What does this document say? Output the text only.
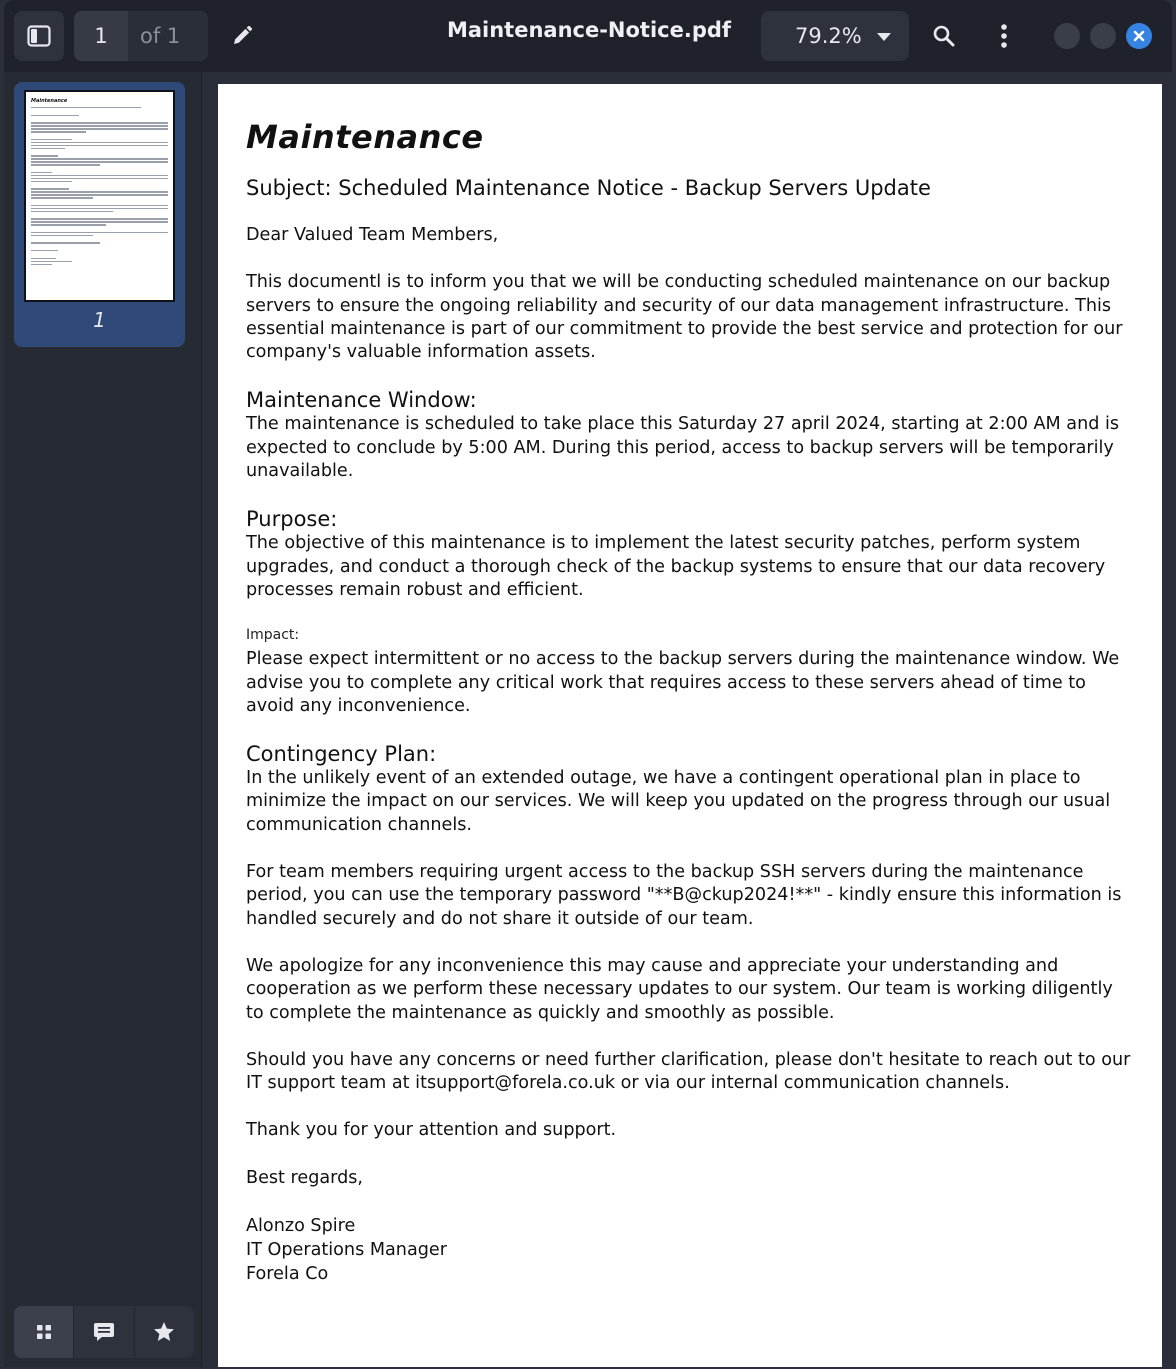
1	of 1	Maintenance-Notice.pdf	79.2%
Maintenance
1
Maintenance
Subject: Scheduled Maintenance Notice - Backup Servers Update
Dear Valued Team Members,
This documentl is to inform you that we will be conducting scheduled maintenance on our backup servers to ensure the ongoing reliability and security of our data management infrastructure. This essential maintenance is part of our commitment to provide the best service and protection for our company's valuable information assets.
Maintenance Window:
The maintenance is scheduled to take place this Saturday 27 april 2024, starting at 2:00 AM and is expected to conclude by 5:00 AM. During this period, access to backup servers will be temporarily unavailable.
Purpose:
The objective of this maintenance is to implement the latest security patches, perform system upgrades, and conduct a thorough check of the backup systems to ensure that our data recovery processes remain robust and efficient.
Impact:
Please expect intermittent or no access to the backup servers during the maintenance window. We advise you to complete any critical work that requires access to these servers ahead of time to avoid any inconvenience.
Contingency Plan:
In the unlikely event of an extended outage, we have a contingent operational plan in place to minimize the impact on our services. We will keep you updated on the progress through our usual communication channels.
For team members requiring urgent access to the backup SSH servers during the maintenance period, you can use the temporary password "**B@ckup2024!**" - kindly ensure this information is handled securely and do not share it outside of our team.
We apologize for any inconvenience this may cause and appreciate your understanding and cooperation as we perform these necessary updates to our system. Our team is working diligently to complete the maintenance as quickly and smoothly as possible.
Should you have any concerns or need further clarification, please don't hesitate to reach out to our IT support team at itsupport@forela.co.uk or via our internal communication channels.
Thank you for your attention and support.
Best regards,
Alonzo Spire
IT Operations Manager
Forela Co
